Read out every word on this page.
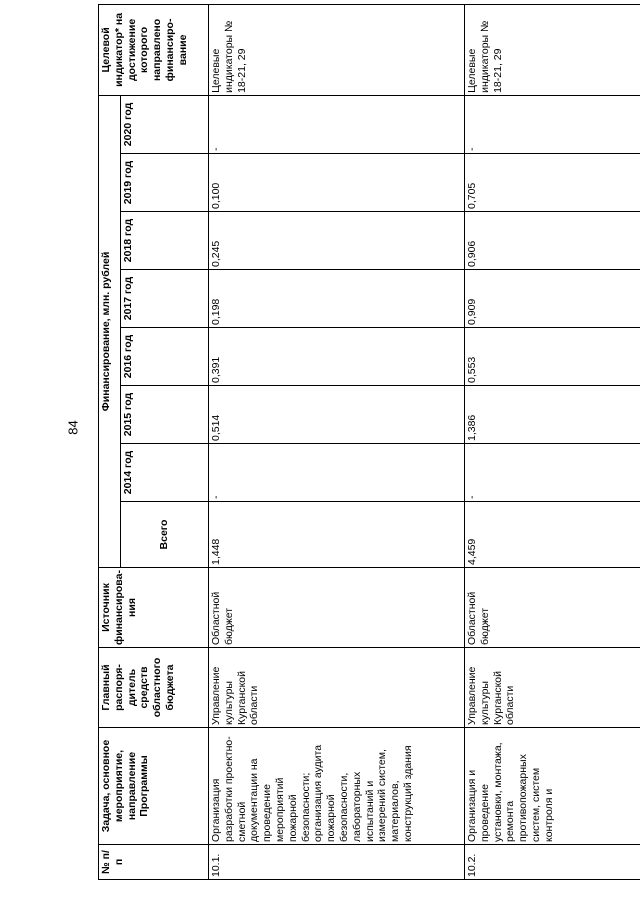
84
№ п/п	Задача, основное мероприятие, направление Программы	Главный распоря-дитель средств областного бюджета	Источник финансирова-ния	Финансирование, млн. рублей								Целевой индикатор* на достижение которого направлено финансиро-вание
				Всего	2014 год	2015 год	2016 год	2017 год	2018 год	2019 год	2020 год	
10.1.	Организация разработки проектно-сметной документации на проведение мероприятий пожарной безопасности; организация аудита пожарной безопасности, лабораторных испытаний и измерений систем, материалов, конструкций здания	Управление культуры Курганской области	Областной бюджет	1,448	-	0,514	0,391	0,198	0,245	0,100	-	Целевые индикаторы № 18-21, 29
10.2.	Организация и проведение установки, монтажа, ремонта противопожарных систем, систем контроля и	Управление культуры Курганской области	Областной бюджет	4,459	-	1,386	0,553	0,909	0,906	0,705	-	Целевые индикаторы № 18-21, 29
